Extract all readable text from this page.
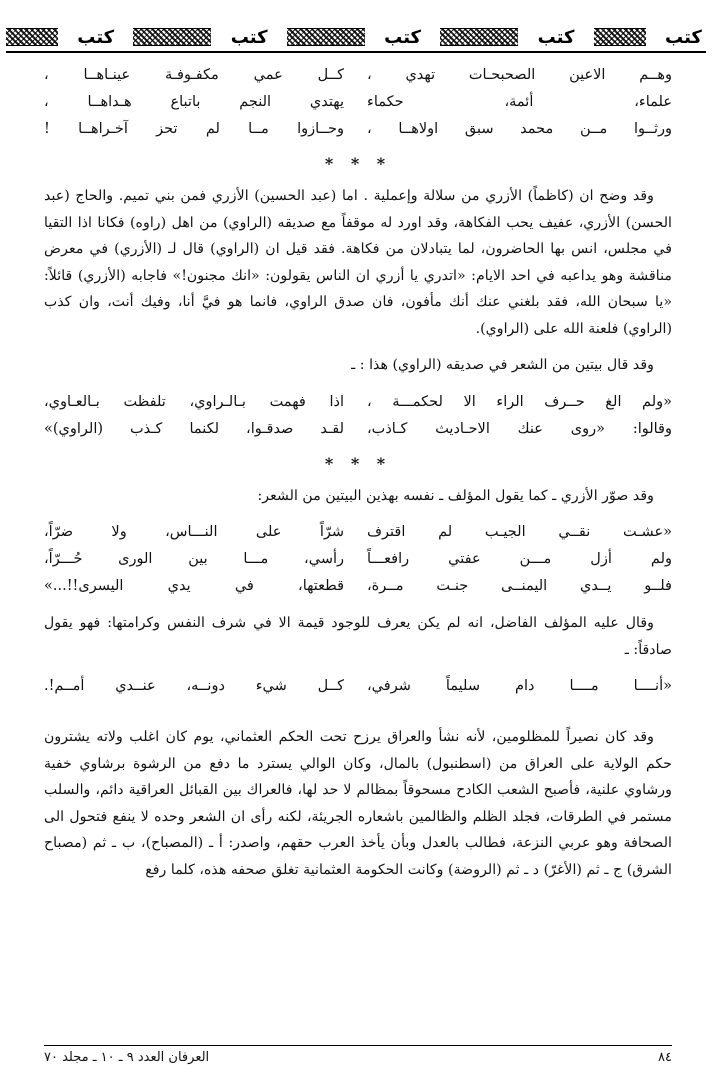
كتب	كتب	كتب	كتب	كتب
وهــم الاعين الصحبحـات تهدي ،
كــل عمي مكفـوفـة عينـاهــا ،
علماء، أئمة، حكماء
يهتدي النجم باتباع هـداهــا ،
ورثــوا مــن محمد سبق اولاهــا ،
وحــازوا مــا لم تحز آخـراهــا !
* * *

وقد وضح ان (كاظماً) الأزري من سلالة وإعملية . اما (عبد الحسين) الأزري فمن بني تميم. والحاج (عبد الحسن) الأزري، عفيف يحب الفكاهة، وقد اورد له موقفاً مع صديقه (الراوي) من اهل (راوه) فكانا اذا التقيا في مجلس، انس بها الحاضرون، لما يتبادلان من فكاهة. فقد قيل ان (الراوي) قال لـ (الأزري) في معرض مناقشة وهو يداعبه في احد الايام: «اتدري يا أزري ان الناس يقولون: «انك مجنون!» فاجابه (الأزري) قائلاً: «يا سبحان الله، فقد بلغني عنك أنك مأفون، فان صدق الراوي، فانما هو فيَّ أنا، وفيك أنت، وان كذب (الراوي) فلعنة الله على (الراوي).

وقد قال بيتين من الشعر في صديقه (الراوي) هذا : ـ

«ولم الغ حــرف الراء الا لحكمـــة ،
اذا فهمت بـالـراوي، تلفظت بـالعـاوي،
وقالوا: «روى عنك الاحـاديث كـاذب،
لقـد صدقـوا، لكنما كـذب (الراوي)»
* * *

وقد صوّر الأزري ـ كما يقول المؤلف ـ نفسه بهذين البيتين من الشعر:

«عشـت نقــي الجيـب لم اقترف
شرّاً على النـــاس، ولا ضرّاً،
ولم أزل مـــن عفتي رافعـــاً
رأسي، مـــا بين الورى حُـــرّاً،
فلــو يــدي اليمنــى جنـت مــرة،
قطعتها، في يدي اليسرى!!...»

وقال عليه المؤلف الفاضل، انه لم يكن يعرف للوجود قيمة الا في شرف النفس وكرامتها: فهو يقول صادقاً: ـ

«أنــــا مــــا دام سليماً شرفي،
كــل شيء دونــه، عنــدي أمــم!.

وقد كان نصيراً للمظلومين، لأنه نشأ والعراق يرزح تحت الحكم العثماني، يوم كان اغلب ولاته يشترون حكم الولاية على العراق من (اسطنبول) بالمال، وكان الوالي يسترد ما دفع من الرشوة برشاوي خفية ورشاوي علنية، فأصبح الشعب الكادح مسحوقاً بمظالم لا حد لها، فالعراك بين القبائل العراقية دائم، والسلب مستمر في الطرقات، فجلد الظلم والظالمين باشعاره الجريئة، لكنه رأى ان الشعر وحده لا ينفع فتحول الى الصحافة وهو عربي النزعة، فطالب بالعدل وبأن يأخذ العرب حقهم، واصدر: أ ـ (المصباح)، ب ـ ثم (مصباح الشرق) ج ـ ثم (الأغرّ) د ـ ثم (الروضة) وكانت الحكومة العثمانية تغلق صحفه هذه، كلما رفع

٨٤
العرفان العدد ٩ ـ ١٠ ـ مجلد ٧٠
